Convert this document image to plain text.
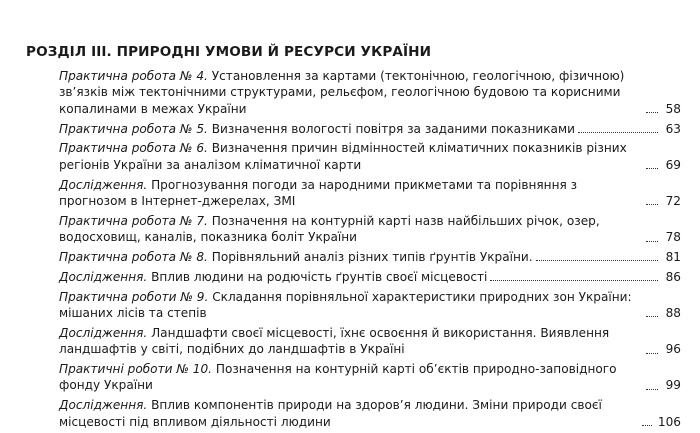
РОЗДІЛ III. ПРИРОДНІ УМОВИ Й РЕСУРСИ УКРАЇНИ
Практична робота № 4. Установлення за картами (тектонічною, геологічною, фізичною) зв’язків між тектонічними структурами, рельєфом, геологічною будовою та корисними копалинами в межах України	58
Практична робота № 5. Визначення вологості повітря за заданими показниками	63
Практична робота № 6. Визначення причин відмінностей кліматичних показників різних регіонів України за аналізом кліматичної карти	69
Дослідження. Прогнозування погоди за народними прикметами та порівняння з прогнозом в Інтернет-джерелах, ЗМІ	72
Практична робота № 7. Позначення на контурній карті назв найбільших річок, озер, водосховищ, каналів, показника боліт України	78
Практична робота № 8. Порівняльний аналіз різних типів ґрунтів України.	81
Дослідження. Вплив людини на родючість ґрунтів своєї місцевості	86
Практична роботи № 9. Складання порівняльної характеристики природних зон України: мішаних лісів та степів	88
Дослідження. Ландшафти своєї місцевості, їхнє освоєння й використання. Виявлення ландшафтів у світі, подібних до ландшафтів в Україні	96
Практичні роботи № 10. Позначення на контурній карті об’єктів природно-заповідного фонду України	99
Дослідження. Вплив компонентів природи на здоров’я людини. Зміни природи своєї місцевості під впливом діяльності людини	106
